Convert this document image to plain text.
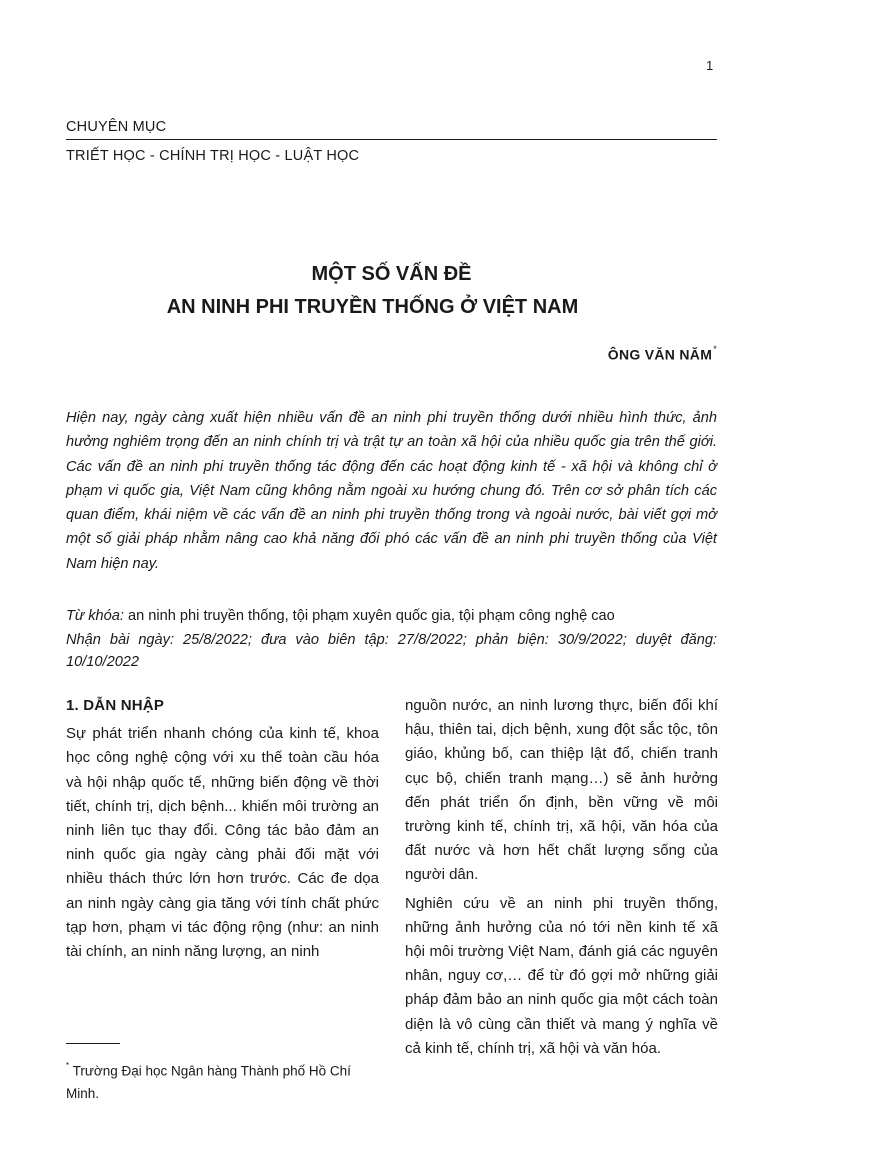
1
CHUYÊN MỤC
TRIẾT HỌC - CHÍNH TRỊ HỌC - LUẬT HỌC
MỘT SỐ VẤN ĐỀ
AN NINH PHI TRUYỀN THỐNG Ở VIỆT NAM
ÔNG VĂN NĂM*

Hiện nay, ngày càng xuất hiện nhiều vấn đề an ninh phi truyền thống dưới nhiều hình thức, ảnh hưởng nghiêm trọng đến an ninh chính trị và trật tự an toàn xã hội của nhiều quốc gia trên thế giới. Các vấn đề an ninh phi truyền thống tác động đến các hoạt động kinh tế - xã hội và không chỉ ở phạm vi quốc gia, Việt Nam cũng không nằm ngoài xu hướng chung đó. Trên cơ sở phân tích các quan điểm, khái niệm về các vấn đề an ninh phi truyền thống trong và ngoài nước, bài viết gợi mở một số giải pháp nhằm nâng cao khả năng đối phó các vấn đề an ninh phi truyền thống của Việt Nam hiện nay.

Từ khóa: an ninh phi truyền thống, tội phạm xuyên quốc gia, tội phạm công nghệ cao

Nhận bài ngày: 25/8/2022; đưa vào biên tập: 27/8/2022; phản biện: 30/9/2022; duyệt đăng: 10/10/2022

1. DẪN NHẬP

Sự phát triển nhanh chóng của kinh tế, khoa học công nghệ cộng với xu thế toàn cầu hóa và hội nhập quốc tế, những biến động về thời tiết, chính trị, dịch bệnh... khiến môi trường an ninh liên tục thay đổi. Công tác bảo đảm an ninh quốc gia ngày càng phải đối mặt với nhiều thách thức lớn hơn trước. Các đe dọa an ninh ngày càng gia tăng với tính chất phức tạp hơn, phạm vi tác động rộng (như: an ninh tài chính, an ninh năng lượng, an ninh

nguồn nước, an ninh lương thực, biến đổi khí hậu, thiên tai, dịch bệnh, xung đột sắc tộc, tôn giáo, khủng bố, can thiệp lật đổ, chiến tranh cục bộ, chiến tranh mạng…) sẽ ảnh hưởng đến phát triển ổn định, bền vững về môi trường kinh tế, chính trị, xã hội, văn hóa của đất nước và hơn hết chất lượng sống của người dân.

Nghiên cứu về an ninh phi truyền thống, những ảnh hưởng của nó tới nền kinh tế xã hội môi trường Việt Nam, đánh giá các nguyên nhân, nguy cơ,… để từ đó gợi mở những giải pháp đảm bảo an ninh quốc gia một cách toàn diện là vô cùng cần thiết và mang ý nghĩa về cả kinh tế, chính trị, xã hội và văn hóa.

* Trường Đại học Ngân hàng Thành phố Hồ Chí Minh.
